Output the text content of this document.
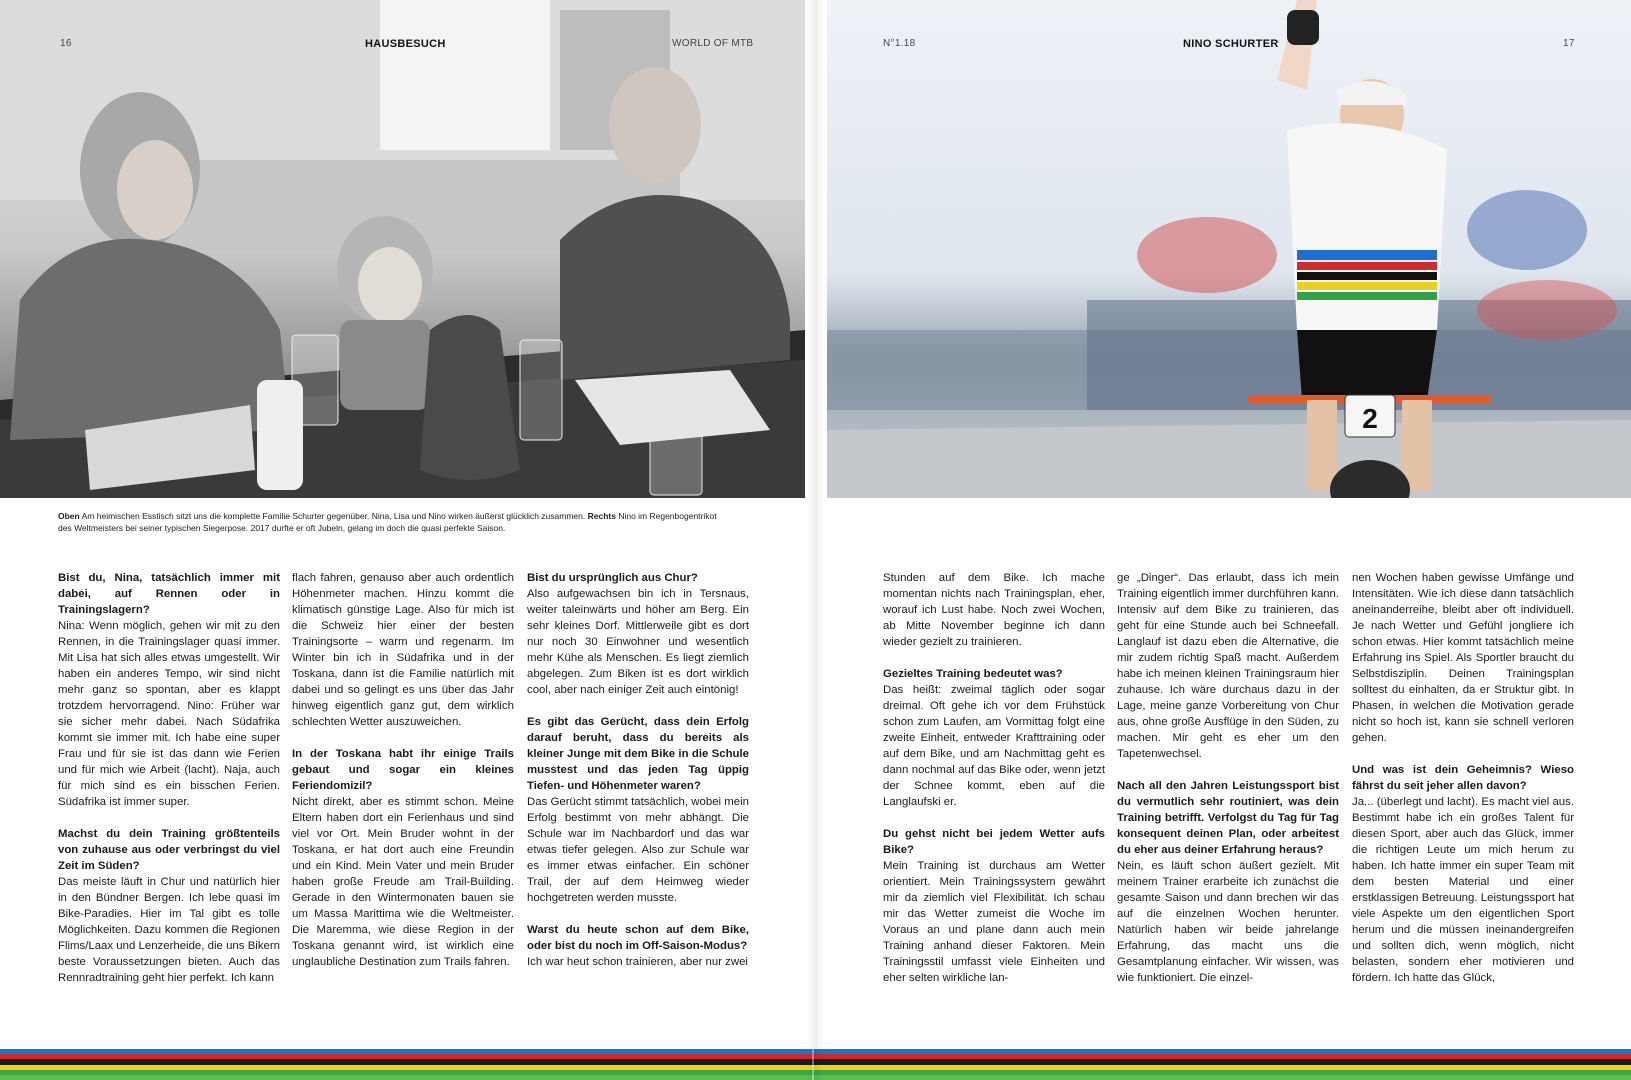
2
16	HAUSBESUCH	WORLD OF MTB	N°1.18	NINO SCHURTER	17
Oben Am heimischen Esstisch sitzt uns die komplette Familie Schurter gegenüber. Nina, Lisa und Nino wirken äußerst glücklich zusammen. Rechts Nino im Regenbogentrikot des Weltmeisters bei seiner typischen Siegerpose. 2017 durfte er oft Jubeln, gelang im doch die quasi perfekte Saison.

Bist du, Nina, tatsächlich immer mit dabei, auf Rennen oder in Trainingslagern?
Nina: Wenn möglich, gehen wir mit zu den Rennen, in die Trainingslager quasi immer. Mit Lisa hat sich alles etwas umgestellt. Wir haben ein anderes Tempo, wir sind nicht mehr ganz so spontan, aber es klappt trotzdem hervorragend. Nino: Früher war sie sicher mehr dabei. Nach Südafrika kommt sie immer mit. Ich habe eine super Frau und für sie ist das dann wie Ferien und für mich wie Arbeit (lacht). Naja, auch für mich sind es ein bisschen Ferien. Südafrika ist immer super.

Machst du dein Training größtenteils von zuhause aus oder verbringst du viel Zeit im Süden?
Das meiste läuft in Chur und natürlich hier in den Bündner Bergen. Ich lebe quasi im Bike-Paradies. Hier im Tal gibt es tolle Möglichkeiten. Dazu kommen die Regionen Flims/Laax und Lenzerheide, die uns Bikern beste Voraussetzungen bieten. Auch das Rennradtraining geht hier perfekt. Ich kann

flach fahren, genauso aber auch ordentlich Höhenmeter machen. Hinzu kommt die klimatisch günstige Lage. Also für mich ist die Schweiz hier einer der besten Trainingsorte – warm und regenarm. Im Winter bin ich in Südafrika und in der Toskana, dann ist die Familie natürlich mit dabei und so gelingt es uns über das Jahr hinweg eigentlich ganz gut, dem wirklich schlechten Wetter auszuweichen.

In der Toskana habt ihr einige Trails gebaut und sogar ein kleines Feriendomizil?
Nicht direkt, aber es stimmt schon. Meine Eltern haben dort ein Ferienhaus und sind viel vor Ort. Mein Bruder wohnt in der Toskana, er hat dort auch eine Freundin und ein Kind. Mein Vater und mein Bruder haben große Freude am Trail-Building. Gerade in den Wintermonaten bauen sie um Massa Marittima wie die Weltmeister. Die Maremma, wie diese Region in der Toskana genannt wird, ist wirklich eine unglaubliche Destination zum Trails fahren.

Bist du ursprünglich aus Chur?
Also aufgewachsen bin ich in Tersnaus, weiter taleinwärts und höher am Berg. Ein sehr kleines Dorf. Mittlerweile gibt es dort nur noch 30 Einwohner und wesentlich mehr Kühe als Menschen. Es liegt ziemlich abgelegen. Zum Biken ist es dort wirklich cool, aber nach einiger Zeit auch eintönig!

Es gibt das Gerücht, dass dein Erfolg darauf beruht, dass du bereits als kleiner Junge mit dem Bike in die Schule musstest und das jeden Tag üppig Tiefen- und Höhenmeter waren?
Das Gerücht stimmt tatsächlich, wobei mein Erfolg bestimmt von mehr abhängt. Die Schule war im Nachbardorf und das war etwas tiefer gelegen. Also zur Schule war es immer etwas einfacher. Ein schöner Trail, der auf dem Heimweg wieder hochgetreten werden musste.

Warst du heute schon auf dem Bike, oder bist du noch im Off-Saison-Modus?
Ich war heut schon trainieren, aber nur zwei

Stunden auf dem Bike. Ich mache momentan nichts nach Trainingsplan, eher, worauf ich Lust habe. Noch zwei Wochen, ab Mitte November beginne ich dann wieder gezielt zu trainieren.

Gezieltes Training bedeutet was?
Das heißt: zweimal täglich oder sogar dreimal. Oft gehe ich vor dem Frühstück schon zum Laufen, am Vormittag folgt eine zweite Einheit, entweder Krafttraining oder auf dem Bike, und am Nachmittag geht es dann nochmal auf das Bike oder, wenn jetzt der Schnee kommt, eben auf die Langlaufski er.

Du gehst nicht bei jedem Wetter aufs Bike?
Mein Training ist durchaus am Wetter orientiert. Mein Trainingssystem gewährt mir da ziemlich viel Flexibilität. Ich schau mir das Wetter zumeist die Woche im Voraus an und plane dann auch mein Training anhand dieser Faktoren. Mein Trainingsstil umfasst viele Einheiten und eher selten wirkliche lan-

ge „Dinger“. Das erlaubt, dass ich mein Training eigentlich immer durchführen kann. Intensiv auf dem Bike zu trainieren, das geht für eine Stunde auch bei Schneefall. Langlauf ist dazu eben die Alternative, die mir zudem richtig Spaß macht. Außerdem habe ich meinen kleinen Trainingsraum hier zuhause. Ich wäre durchaus dazu in der Lage, meine ganze Vorbereitung von Chur aus, ohne große Ausflüge in den Süden, zu machen. Mir geht es eher um den Tapetenwechsel.

Nach all den Jahren Leistungssport bist du vermutlich sehr routiniert, was dein Training betrifft. Verfolgst du Tag für Tag konsequent deinen Plan, oder arbeitest du eher aus deiner Erfahrung heraus?
Nein, es läuft schon äußert gezielt. Mit meinem Trainer erarbeite ich zunächst die gesamte Saison und dann brechen wir das auf die einzelnen Wochen herunter. Natürlich haben wir beide jahrelange Erfahrung, das macht uns die Gesamtplanung einfacher. Wir wissen, was wie funktioniert. Die einzel-

nen Wochen haben gewisse Umfänge und Intensitäten. Wie ich diese dann tatsächlich aneinanderreihe, bleibt aber oft individuell. Je nach Wetter und Gefühl jongliere ich schon etwas. Hier kommt tatsächlich meine Erfahrung ins Spiel. Als Sportler braucht du Selbstdisziplin. Deinen Trainingsplan solltest du einhalten, da er Struktur gibt. In Phasen, in welchen die Motivation gerade nicht so hoch ist, kann sie schnell verloren gehen.

Und was ist dein Geheimnis? Wieso fährst du seit jeher allen davon?
Ja... (überlegt und lacht). Es macht viel aus. Bestimmt habe ich ein großes Talent für diesen Sport, aber auch das Glück, immer die richtigen Leute um mich herum zu haben. Ich hatte immer ein super Team mit dem besten Material und einer erstklassigen Betreuung. Leistungssport hat viele Aspekte um den eigentlichen Sport herum und die müssen ineinandergreifen und sollten dich, wenn möglich, nicht belasten, sondern eher motivieren und fördern. Ich hatte das Glück,
